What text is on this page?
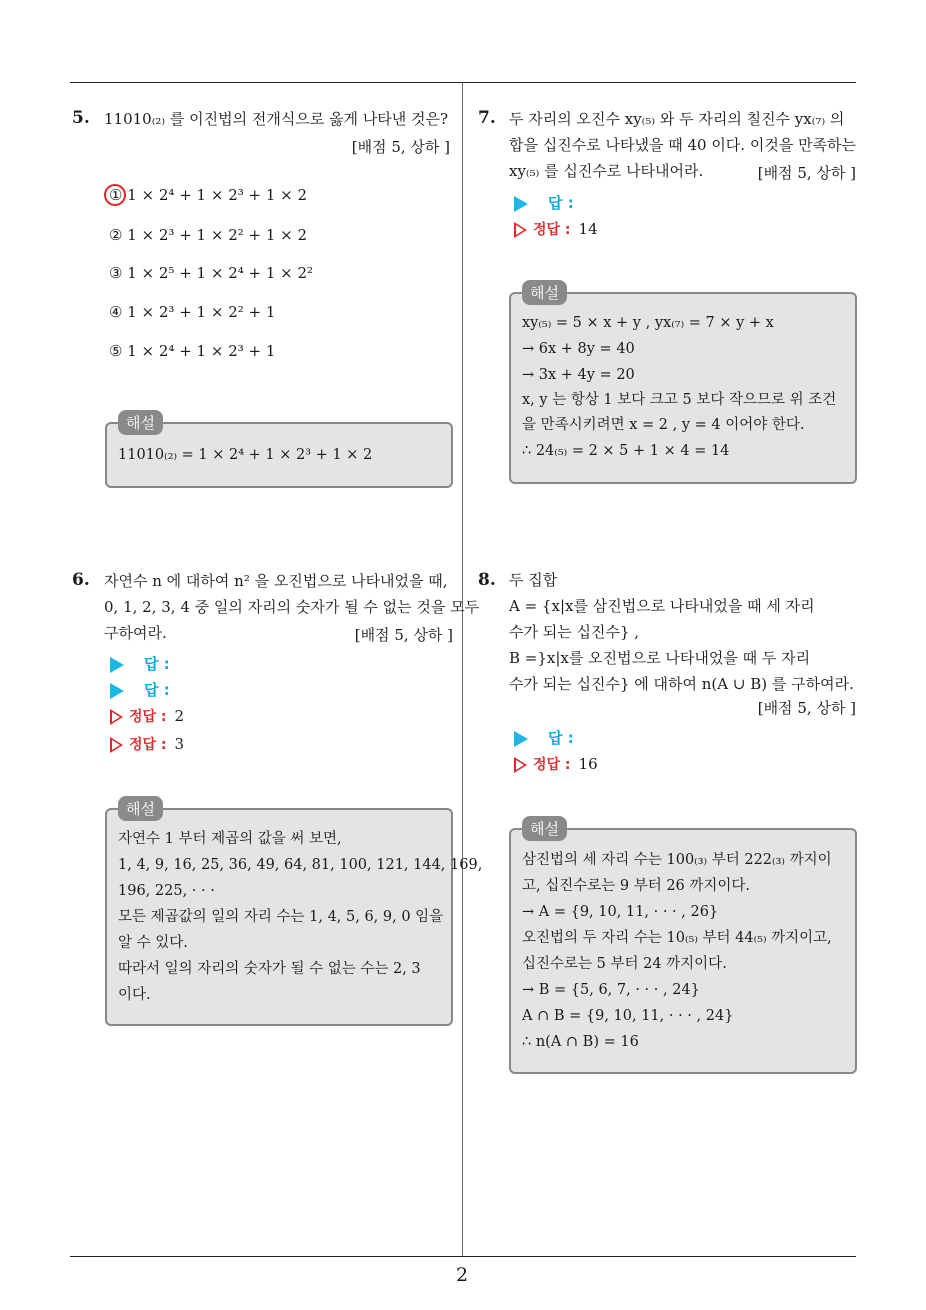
5. 11010₍₂₎ 를 이진법의 전개식으로 옳게 나타낸 것은?
[배점 5, 상하 ]
① 1 × 2⁴ + 1 × 2³ + 1 × 2
② 1 × 2³ + 1 × 2² + 1 × 2
③ 1 × 2⁵ + 1 × 2⁴ + 1 × 2²
④ 1 × 2³ + 1 × 2² + 1
⑤ 1 × 2⁴ + 1 × 2³ + 1
해설
11010₍₂₎ = 1 × 2⁴ + 1 × 2³ + 1 × 2
6. 자연수 n 에 대하여 n² 을 오진법으로 나타내었을 때,
0, 1, 2, 3, 4 중 일의 자리의 숫자가 될 수 없는 것을 모두
구하여라.	[배점 5, 상하 ]
답 :
답 :
정답 : 2
정답 : 3
해설
자연수 1 부터 제곱의 값을 써 보면,
1, 4, 9, 16, 25, 36, 49, 64, 81, 100, 121, 144, 169,
196, 225, · · ·
모든 제곱값의 일의 자리 수는 1, 4, 5, 6, 9, 0 임을
알 수 있다.
따라서 일의 자리의 숫자가 될 수 없는 수는 2, 3
이다.
7. 두 자리의 오진수 xy₍₅₎ 와 두 자리의 칠진수 yx₍₇₎ 의
합을 십진수로 나타냈을 때 40 이다. 이것을 만족하는
xy₍₅₎ 를 십진수로 나타내어라.	[배점 5, 상하 ]
답 :
정답 : 14
해설
xy₍₅₎ = 5 × x + y , yx₍₇₎ = 7 × y + x
→ 6x + 8y = 40
→ 3x + 4y = 20
x, y 는 항상 1 보다 크고 5 보다 작으므로 위 조건
을 만족시키려면 x = 2 , y = 4 이어야 한다.
∴ 24₍₅₎ = 2 × 5 + 1 × 4 = 14
8. 두 집합
A = {x|x를 삼진법으로 나타내었을 때 세 자리
수가 되는 십진수} ,
B =}x|x를 오진법으로 나타내었을 때 두 자리
수가 되는 십진수} 에 대하여 n(A ∪ B) 를 구하여라.
[배점 5, 상하 ]
답 :
정답 : 16
해설
삼진법의 세 자리 수는 100₍₃₎ 부터 222₍₃₎ 까지이
고, 십진수로는 9 부터 26 까지이다.
→ A = {9, 10, 11, · · · , 26}
오진법의 두 자리 수는 10₍₅₎ 부터 44₍₅₎ 까지이고,
십진수로는 5 부터 24 까지이다.
→ B = {5, 6, 7, · · · , 24}
A ∩ B = {9, 10, 11, · · · , 24}
∴ n(A ∩ B) = 16
2
